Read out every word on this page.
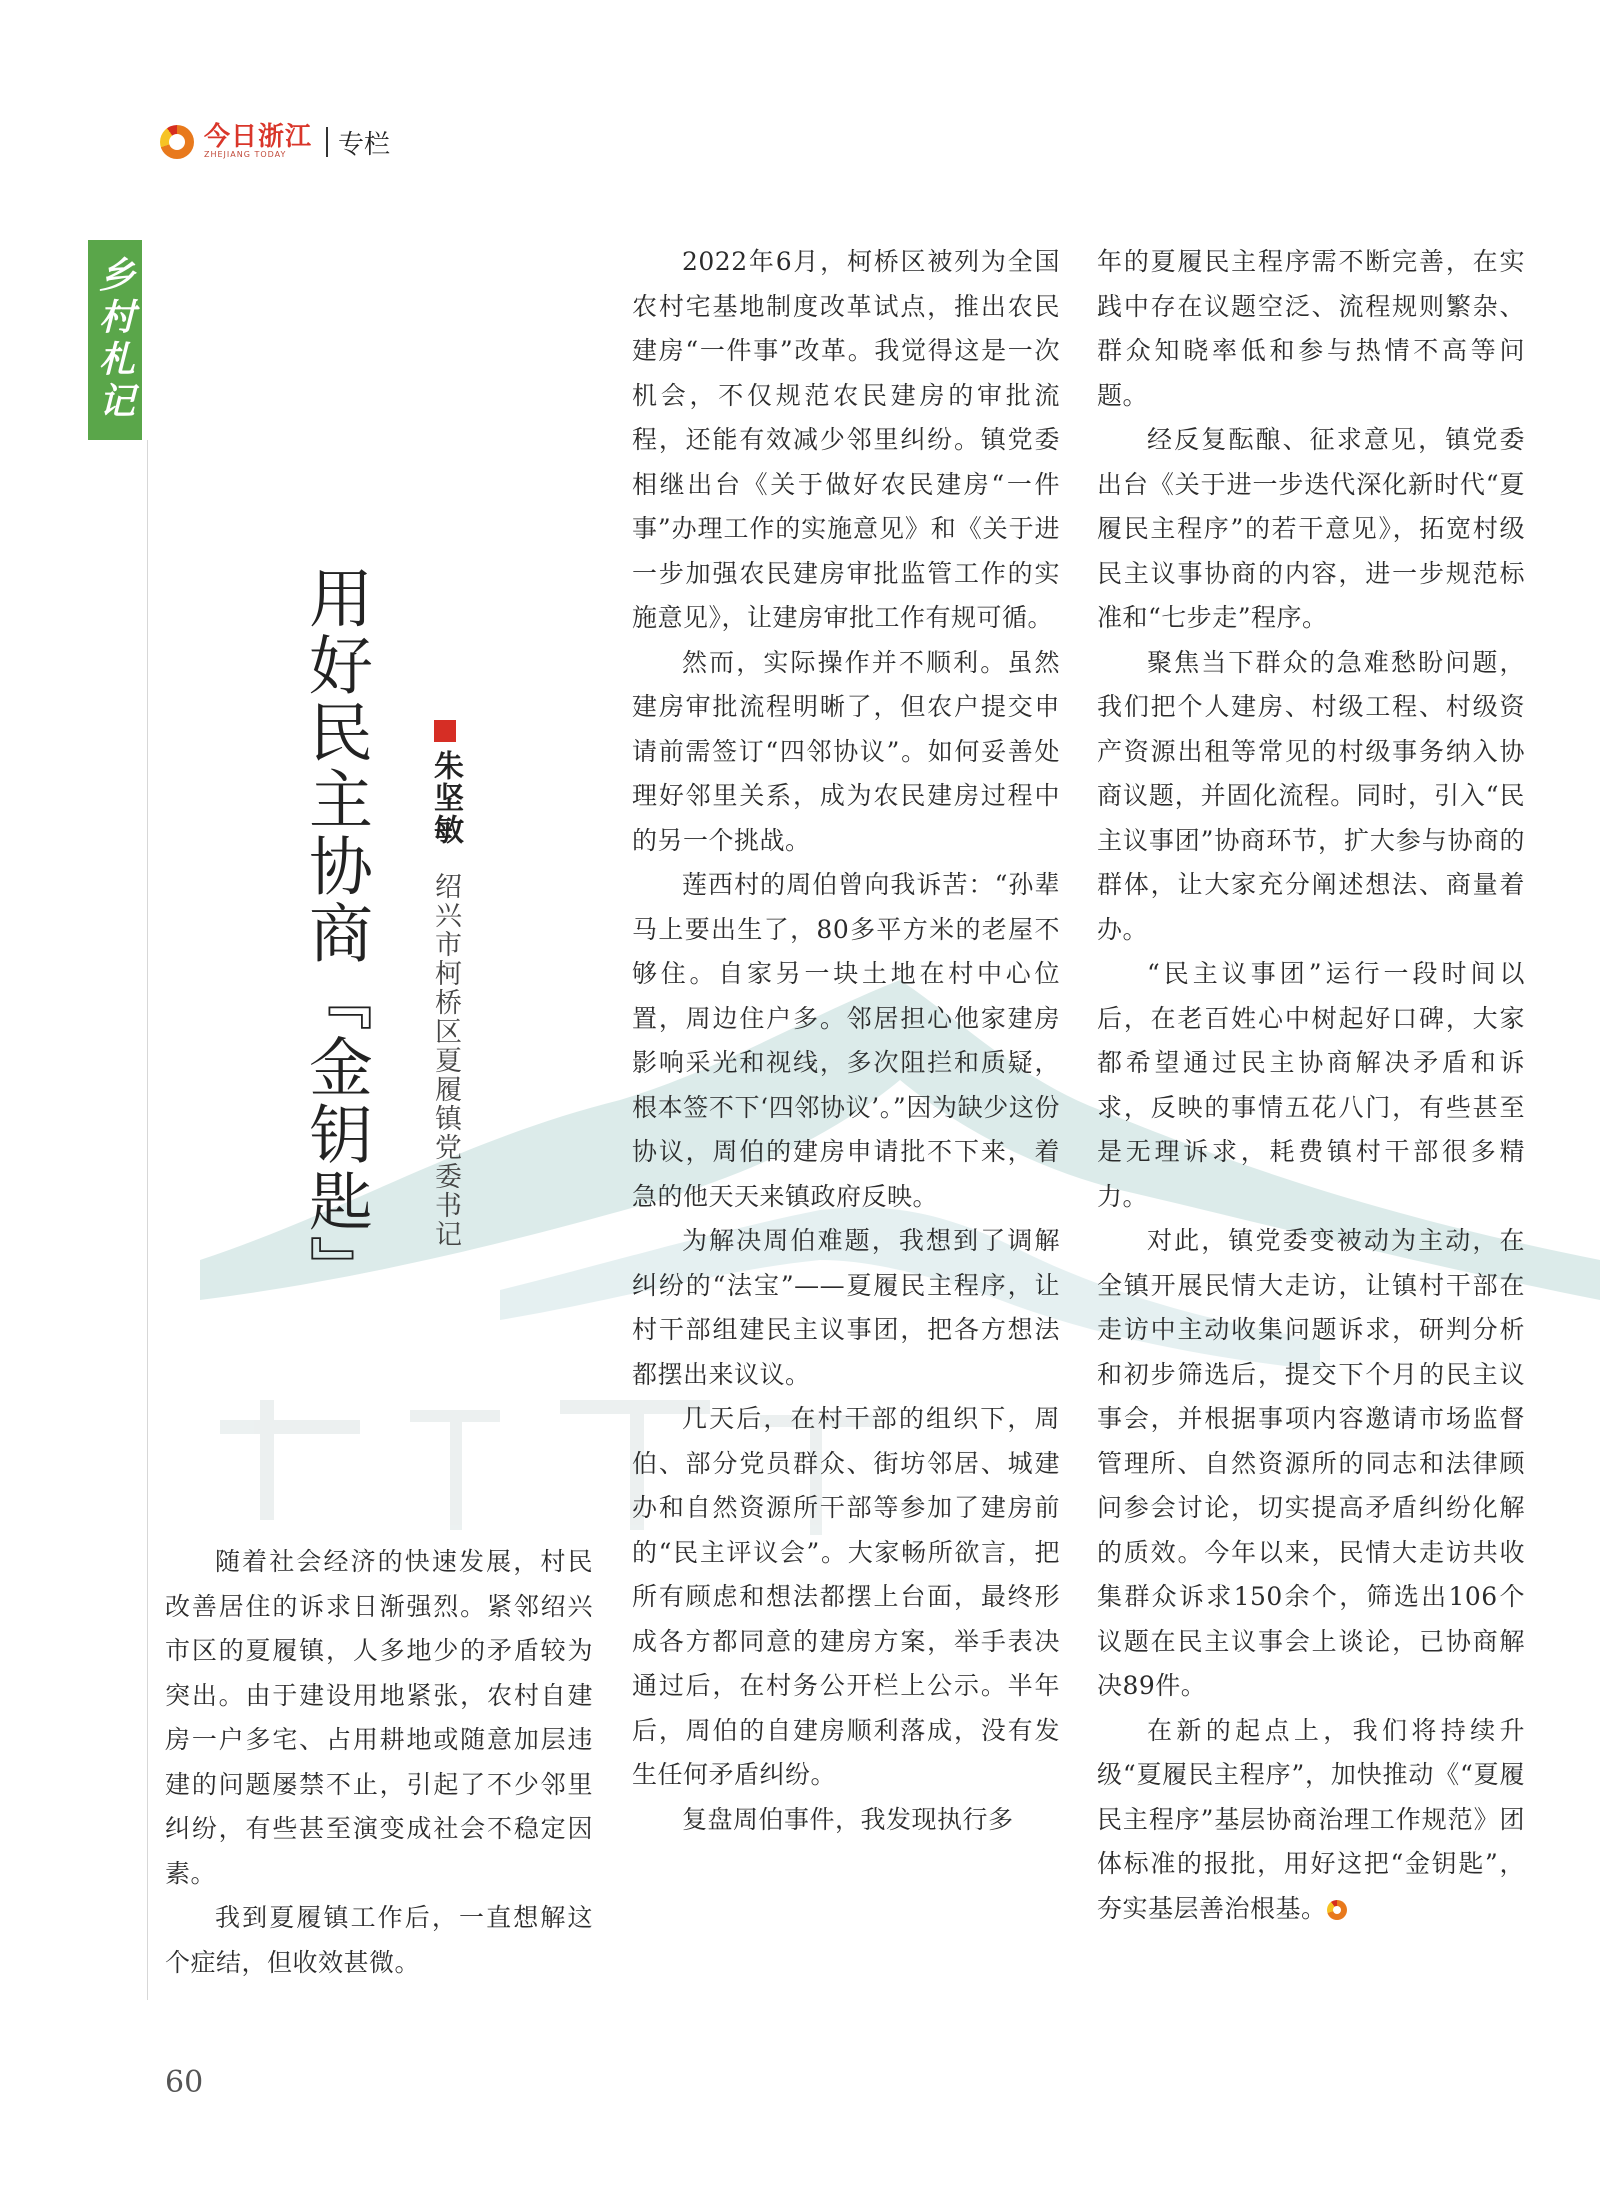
今日浙江
ZHEJIANG TODAY	专栏
乡村札记
用好民主协商『金钥匙』 朱坚敏
绍兴市柯桥区夏履镇党委书记

随着社会经济的快速发展，村民改善居住的诉求日渐强烈。紧邻绍兴市区的夏履镇，人多地少的矛盾较为突出。由于建设用地紧张，农村自建房一户多宅、占用耕地或随意加层违建的问题屡禁不止，引起了不少邻里纠纷，有些甚至演变成社会不稳定因素。

我到夏履镇工作后，一直想解这个症结，但收效甚微。

2022年6月，柯桥区被列为全国农村宅基地制度改革试点，推出农民建房“一件事”改革。我觉得这是一次机会，不仅规范农民建房的审批流程，还能有效减少邻里纠纷。镇党委相继出台《关于做好农民建房“一件事”办理工作的实施意见》和《关于进一步加强农民建房审批监管工作的实施意见》，让建房审批工作有规可循。

然而，实际操作并不顺利。虽然建房审批流程明晰了，但农户提交申请前需签订“四邻协议”。如何妥善处理好邻里关系，成为农民建房过程中的另一个挑战。

莲西村的周伯曾向我诉苦：“孙辈马上要出生了，80多平方米的老屋不够住。自家另一块土地在村中心位置，周边住户多。邻居担心他家建房影响采光和视线，多次阻拦和质疑，根本签不下‘四邻协议’。”因为缺少这份协议，周伯的建房申请批不下来，着急的他天天来镇政府反映。

为解决周伯难题，我想到了调解纠纷的“法宝”——夏履民主程序，让村干部组建民主议事团，把各方想法都摆出来议议。

几天后，在村干部的组织下，周伯、部分党员群众、街坊邻居、城建办和自然资源所干部等参加了建房前的“民主评议会”。大家畅所欲言，把所有顾虑和想法都摆上台面，最终形成各方都同意的建房方案，举手表决通过后，在村务公开栏上公示。半年后，周伯的自建房顺利落成，没有发生任何矛盾纠纷。

复盘周伯事件，我发现执行多

年的夏履民主程序需不断完善，在实践中存在议题空泛、流程规则繁杂、群众知晓率低和参与热情不高等问题。

经反复酝酿、征求意见，镇党委出台《关于进一步迭代深化新时代“夏履民主程序”的若干意见》，拓宽村级民主议事协商的内容，进一步规范标准和“七步走”程序。

聚焦当下群众的急难愁盼问题，我们把个人建房、村级工程、村级资产资源出租等常见的村级事务纳入协商议题，并固化流程。同时，引入“民主议事团”协商环节，扩大参与协商的群体，让大家充分阐述想法、商量着办。

“民主议事团”运行一段时间以后，在老百姓心中树起好口碑，大家都希望通过民主协商解决矛盾和诉求，反映的事情五花八门，有些甚至是无理诉求，耗费镇村干部很多精力。

对此，镇党委变被动为主动，在全镇开展民情大走访，让镇村干部在走访中主动收集问题诉求，研判分析和初步筛选后，提交下个月的民主议事会，并根据事项内容邀请市场监督管理所、自然资源所的同志和法律顾问参会讨论，切实提高矛盾纠纷化解的质效。今年以来，民情大走访共收集群众诉求150余个，筛选出106个议题在民主议事会上谈论，已协商解决89件。

在新的起点上，我们将持续升级“夏履民主程序”，加快推动《“夏履民主程序”基层协商治理工作规范》团体标准的报批，用好这把“金钥匙”，夯实基层善治根基。

60
